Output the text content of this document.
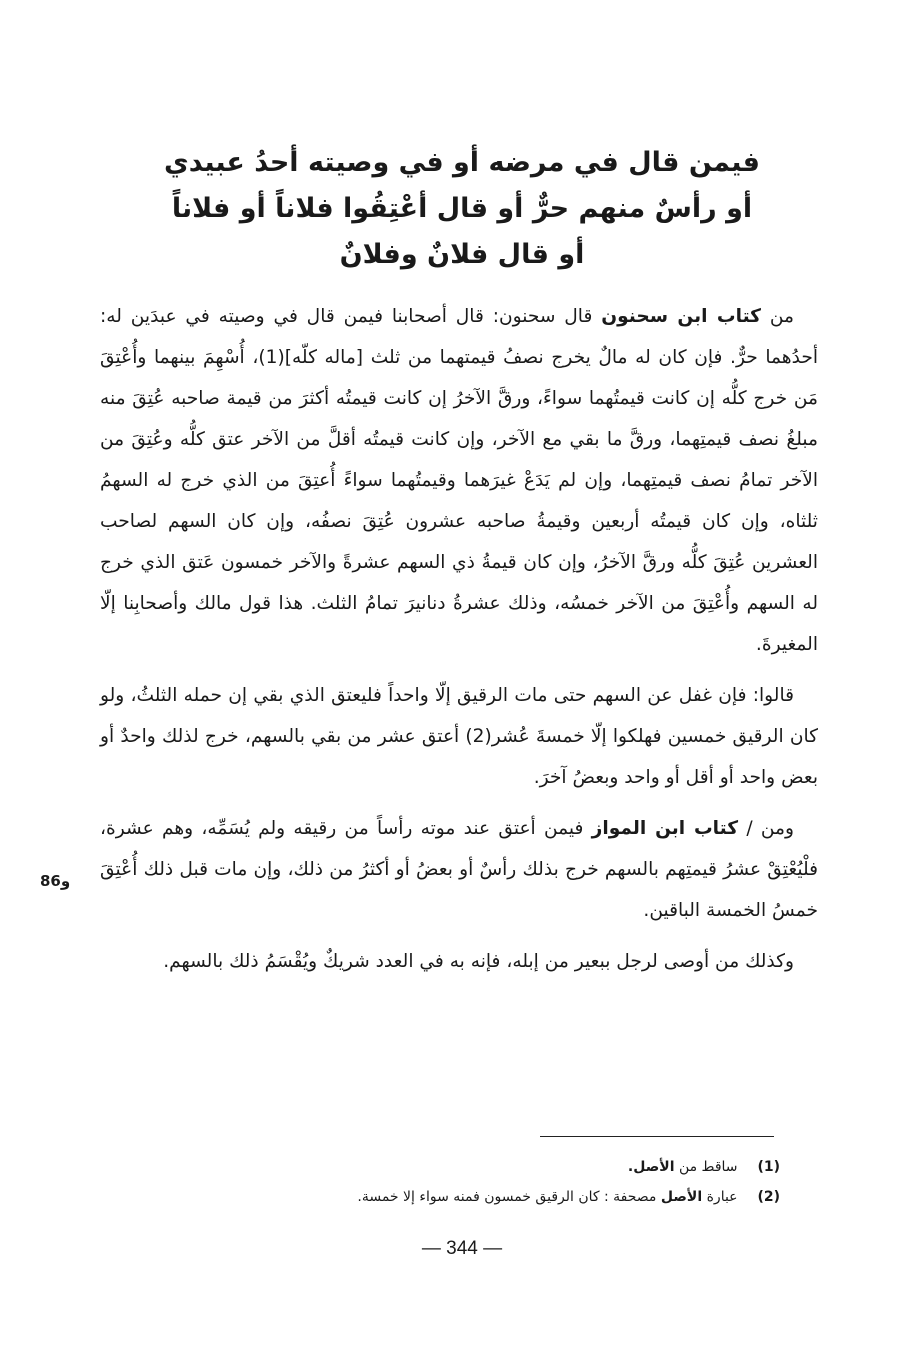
فيمن قال في مرضه أو في وصيته أحدُ عبيدي
أو رأسٌ منهم حرٌّ أو قال أعْتِقُوا فلاناً أو فلاناً
أو قال فلانٌ وفلانٌ

من كتاب ابن سحنون قال سحنون: قال أصحابنا فيمن قال في وصيته في عبدَين له: أحدُهما حرٌّ. فإن كان له مالٌ يخرج نصفُ قيمتهما من ثلث [ماله كلّه](1)، أُسْهِمَ بينهما وأُعْتِقَ مَن خرج كلُّه إن كانت قيمتُهما سواءً، ورقَّ الآخرُ إن كانت قيمتُه أكثرَ من قيمة صاحبه عُتِقَ منه مبلغُ نصف قيمتِهما، ورقَّ ما بقي مع الآخر، وإن كانت قيمتُه أقلَّ من الآخر عتق كلُّه وعُتِقَ من الآخر تمامُ نصف قيمتِهما، وإن لم يَدَعْ غيرَهما وقيمتُهما سواءً أُعتِقَ من الذي خرج له السهمُ ثلثاه، وإن كان قيمتُه أربعين وقيمةُ صاحبه عشرون عُتِقَ نصفُه، وإن كان السهم لصاحب العشرين عُتِقَ كلُّه ورقَّ الآخرُ، وإن كان قيمةُ ذي السهم عشرةً والآخر خمسون عَتق الذي خرج له السهم وأُعْتِقَ من الآخر خمسُه، وذلك عشرةُ دنانيرَ تمامُ الثلث. هذا قول مالك وأصحابِنا إلّا المغيرةَ.

قالوا: فإن غفل عن السهم حتى مات الرقيق إلّا واحداً فليعتق الذي بقي إن حمله الثلثُ، ولو كان الرقيق خمسين فهلكوا إلّا خمسةَ عُشر(2) أعتق عشر من بقي بالسهم، خرج لذلك واحدٌ أو بعض واحد أو أقل أو واحد وبعضُ آخرَ.

ومن / كتاب ابن المواز فيمن أعتق عند موته رأساً من رقيقه ولم يُسَمِّه، وهم عشرة، فلْيُعْتِقْ عشرُ قيمتِهم بالسهم خرج بذلك رأسٌ أو بعضُ أو أكثرُ من ذلك، وإن مات قبل ذلك أُعْتِقَ خمسُ الخمسة الباقين.

وكذلك من أوصى لرجل ببعير من إبله، فإنه به في العدد شريكٌ ويُقْسَمُ ذلك بالسهم.

86و
(1) ساقط من الأصل.
(2) عبارة الأصل مصحفة : كان الرقيق خمسون فمنه سواء إلا خمسة.
— 344 —
